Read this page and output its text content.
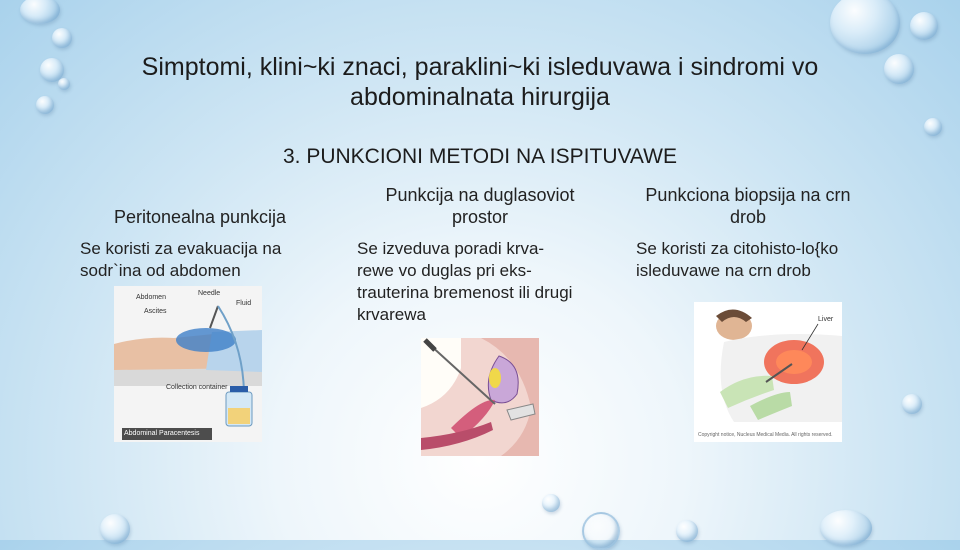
Simptomi, klini~ki znaci, paraklini~ki isleduvawa i sindromi vo abdominalnata hirurgija
3. PUNKCIONI METODI NA ISPITUVAWE
Peritonealna punkcija
Se koristi za evakuacija na sodr`ina od abdomen
Abdomen
Needle
Ascites
Fluid
Collection container
Abdominal Paracentesis
Punkcija na duglasoviot prostor
Se izveduva poradi krva-rewe vo duglas pri eks-trauterina bremenost ili drugi krvarewa
Punkciona biopsija na crn drob
Se koristi za citohisto-lo{ko isleduvawe na crn drob
Liver
Copyright notice, Nucleus Medical Media. All rights reserved.
